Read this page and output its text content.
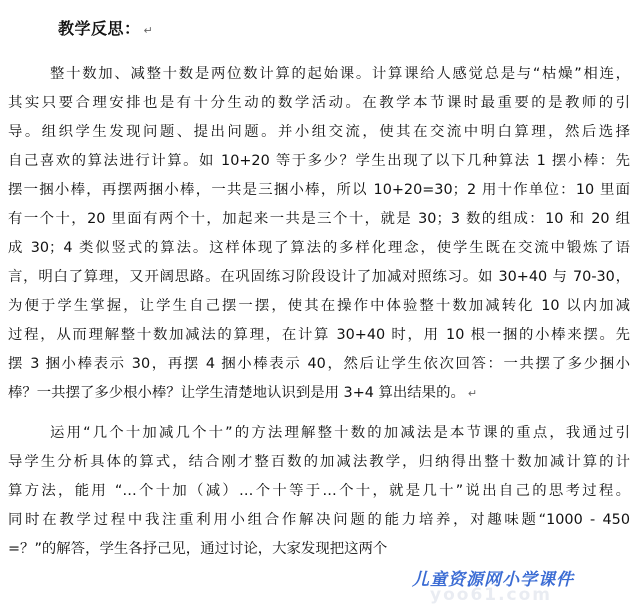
教学反思： ↵
整十数加、减整十数是两位数计算的起始课。计算课给人感觉总是与“枯燥”相连，
其实只要合理安排也是有十分生动的数学活动。在教学本节课时最重要的是教师的引
导。组织学生发现问题、提出问题。并小组交流，使其在交流中明白算理，然后选择
自己喜欢的算法进行计算。如 10+20 等于多少？学生出现了以下几种算法 1 摆小棒：先
摆一捆小棒，再摆两捆小棒，一共是三捆小棒，所以 10+20=30；2 用十作单位：10 里面
有一个十，20 里面有两个十，加起来一共是三个十，就是 30；3 数的组成：10 和 20 组
成 30；4 类似竖式的算法。这样体现了算法的多样化理念，使学生既在交流中锻炼了语
言，明白了算理，又开阔思路。在巩固练习阶段设计了加减对照练习。如 30+40 与 70-30，
为便于学生掌握，让学生自己摆一摆，使其在操作中体验整十数加减转化 10 以内加减
过程，从而理解整十数加减法的算理，在计算 30+40 时，用 10 根一捆的小棒来摆。先
摆 3 捆小棒表示 30，再摆 4 捆小棒表示 40，然后让学生依次回答：一共摆了多少捆小
棒？一共摆了多少根小棒？让学生清楚地认识到是用 3+4 算出结果的。 ↵
运用“几个十加减几个十”的方法理解整十数的加减法是本节课的重点，我通过引
导学生分析具体的算式，结合刚才整百数的加减法教学，归纳得出整十数加减计算的计
算方法，能用 “…个十加（减）…个十等于…个十，就是几十”说出自己的思考过程。
同时在教学过程中我注重利用小组合作解决问题的能力培养，对趣味题“1000 - 450
=？”的解答，学生各抒己见，通过讨论，大家发现把这两个
儿童资源网小学课件
yoo61.com
